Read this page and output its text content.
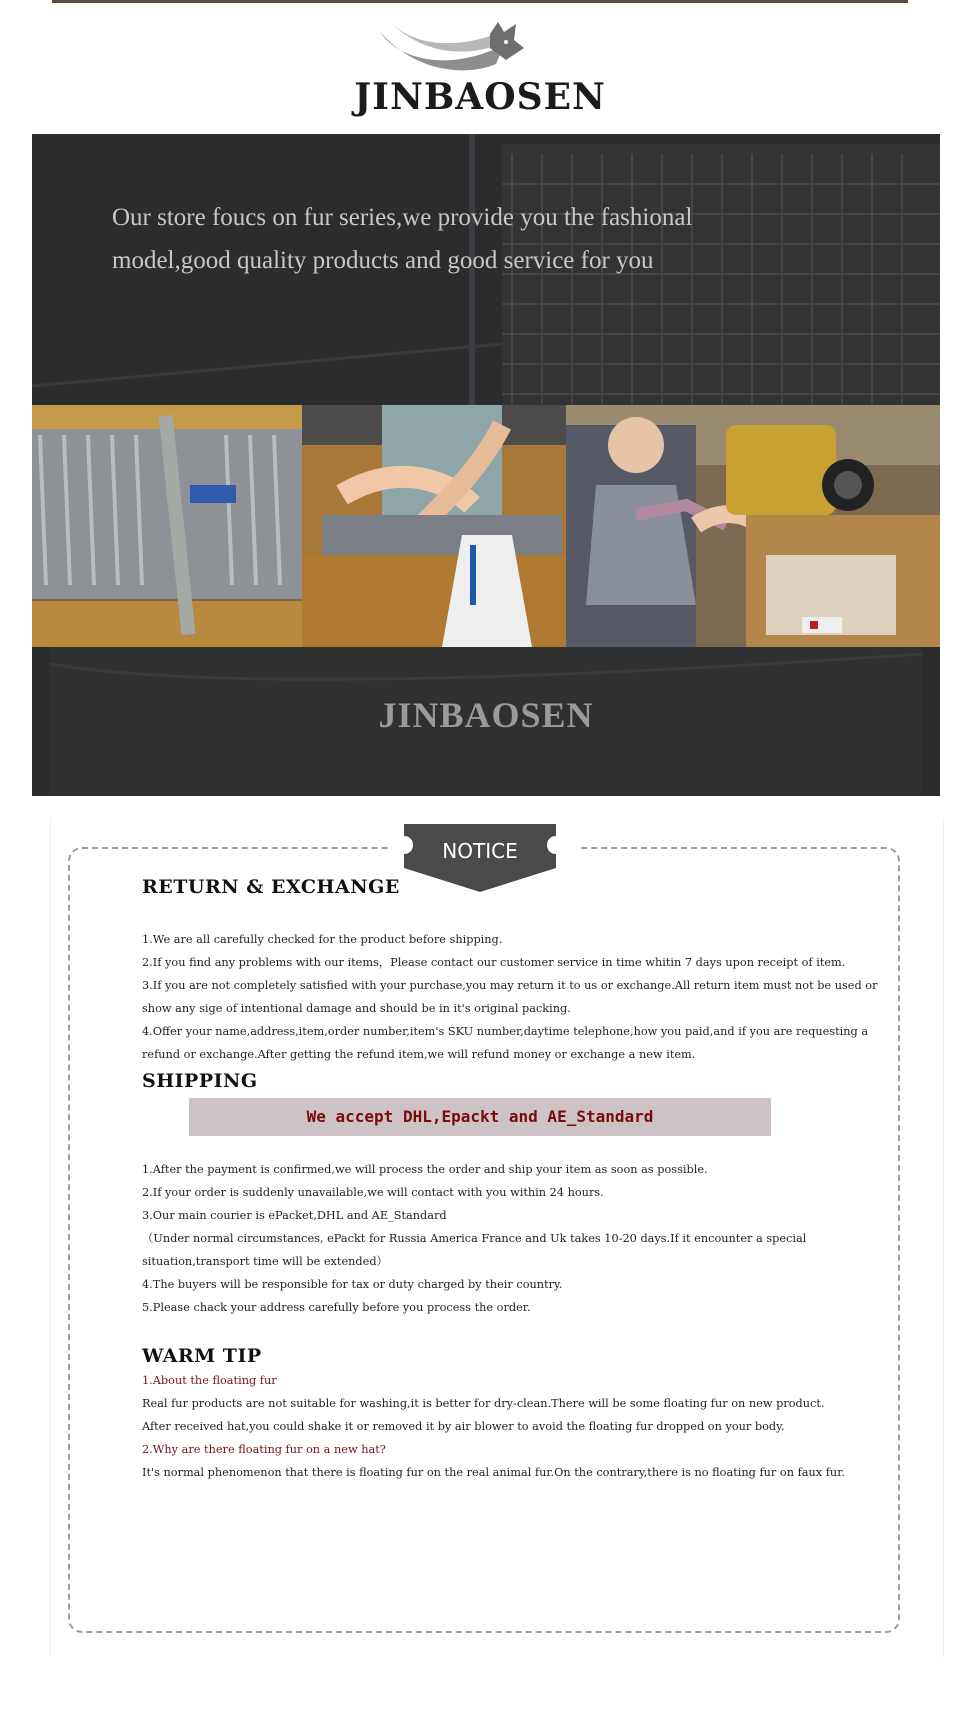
JINBAOSEN
Our store foucs on fur series,we provide you the fashional
model,good quality products and good service for you
JINBAOSEN
NOTICE
RETURN & EXCHANGE
1.We are all carefully checked for the product before shipping.
2.If you find any problems with our items，Please contact our customer service in time whitin 7 days upon receipt of item.
3.If you are not completely satisfied with your purchase,you may return it to us or exchange.All return item must not be used or
show any sige of intentional damage and should be in it's original packing.
4.Offer your name,address,item,order number,item's SKU number,daytime telephone,how you paid,and if you are requesting a
refund or exchange.After getting the refund item,we will refund money or exchange a new item.
SHIPPING
We accept DHL,Epackt and AE_Standard
1.After the payment is confirmed,we will process the order and ship your item as soon as possible.
2.If your order is suddenly unavailable,we will contact with you within 24 hours.
3.Our main courier is ePacket,DHL and AE_Standard
（Under normal circumstances, ePackt for Russia America France and Uk takes 10-20 days.If it encounter a special
situation,transport time will be extended）
4.The buyers will be responsible for tax or duty charged by their country.
5.Please chack your address carefully before you process the order.
WARM TIP
1.About the floating fur
Real fur products are not suitable for washing,it is better for dry-clean.There will be some floating fur on new product.
After received hat,you could shake it or removed it by air blower to avoid the floating fur dropped on your body.
2.Why are there floating fur on a new hat?
It's normal phenomenon that there is floating fur on the real animal fur.On the contrary,there is no floating fur on faux fur.
